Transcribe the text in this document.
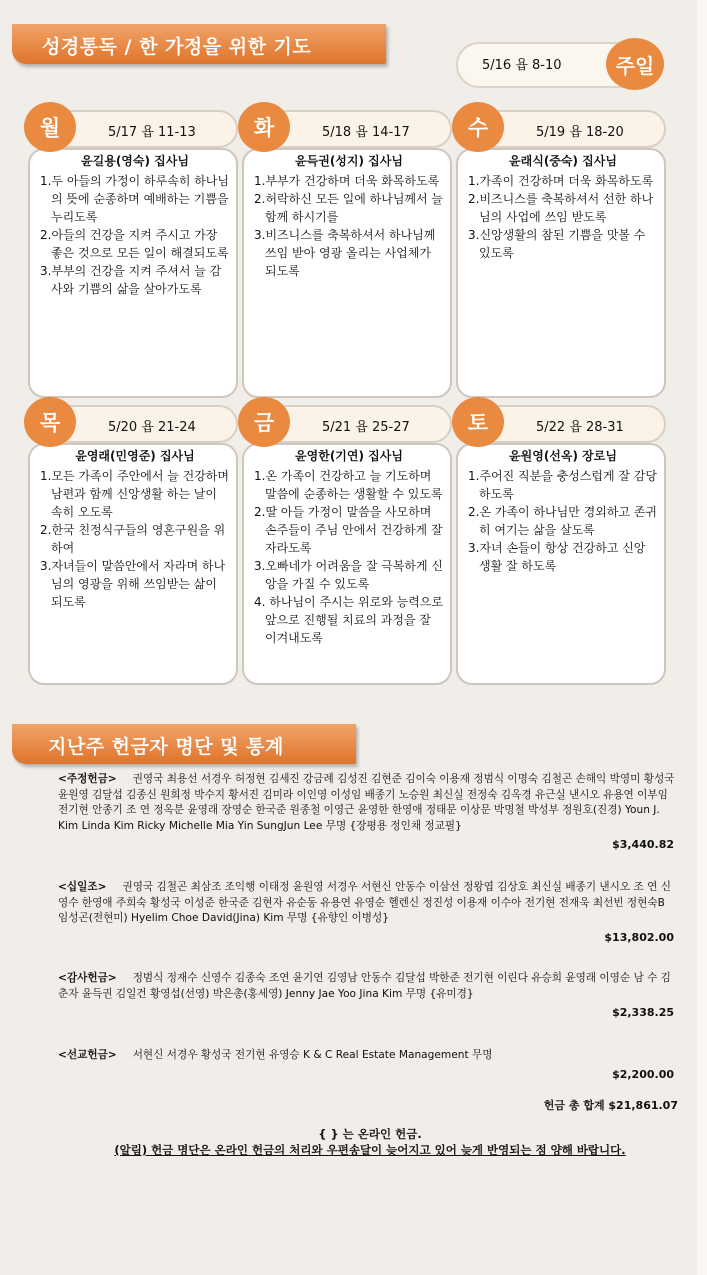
성경통독 / 한 가정을 위한 기도
5/16 욥 8-10	주일
윤길용(영숙) 집사님
1.두 아들의 가정이 하루속히 하나님의 뜻에 순종하며 예배하는 기쁨을 누리도록
2.아들의 건강을 지켜 주시고 가장 좋은 것으로 모든 일이 해결되도록
3.부부의 건강을 지켜 주셔서 늘 감사와 기쁨의 삶을 살아가도록
5/17 욥 11-13
월
윤득권(성지) 집사님
1.부부가 건강하며 더욱 화목하도록
2.허락하신 모든 일에 하나님께서 늘 함께 하시기를
3.비즈니스를 축복하셔서 하나님께 쓰임 받아 영광 올리는 사업체가 되도록
5/18 욥 14-17
화
윤래식(중숙) 집사님
1.가족이 건강하며 더욱 화목하도록
2.비즈니스를 축복하셔서 선한 하나님의 사업에 쓰임 받도록
3.신앙생활의 참된 기쁨을 맛볼 수 있도록
5/19 욥 18-20
수
윤영래(민영준) 집사님
1.모든 가족이 주안에서 늘 건강하며 남편과 함께 신앙생활 하는 날이 속히 오도록
2.한국 친정식구들의 영혼구원을 위하여
3.자녀들이 말씀안에서 자라며 하나님의 영광을 위해 쓰임받는 삶이 되도록
5/20 욥 21-24
목
윤영한(기연) 집사님
1.온 가족이 건강하고 늘 기도하며 말씀에 순종하는 생활할 수 있도록
2.딸 아들 가정이 말씀을 사모하며 손주들이 주님 안에서 건강하게 잘 자라도록
3.오빠네가 어려움을 잘 극복하게 신앙을 가질 수 있도록
4. 하나님이 주시는 위로와 능력으로 앞으로 진행될 치료의 과정을 잘 이겨내도록
5/21 욥 25-27
금
윤원영(선옥) 장로님
1.주어진 직분을 충성스럽게 잘 감당하도록
2.온 가족이 하나님만 경외하고 존귀히 여기는 삶을 살도록
3.자녀 손들이 항상 건강하고 신앙 생활 잘 하도록
5/22 욥 28-31
토
지난주 헌금자 명단 및 통계
<주정헌금> 권영국 최용선 서경우 허정현 김세진 강금례 김성진 김현준 김이숙 이용재 정범식 이명숙 김철곤 손해익 박영미 황성국 윤원영 김달섭 김종신 원희정 박수지 황서진 김미라 이인영 이성임 배종기 노승원 최신실 전정숙 김옥경 유근실 낸시오 유용연 이부임 전기현 안종기 조 연 정옥분 윤영래 장영순 한국준 원종철 이영근 윤영한 한영애 정태문 이상문 박명철 박성부 정원호(진경) Youn J. Kim Linda Kim Ricky Michelle Mia Yin SungJun Lee 무명 {장평용 정인채 정교필}
$3,440.82
<십일조> 권영국 김철곤 최삼조 조익행 이태정 윤원영 서경우 서현신 안동수 이삼선 정왕엽 김상호 최신실 배종기 낸시오 조 연 신영수 한영애 주희숙 황성국 이성준 한국준 김현자 유순동 유용연 유영순 헬렌신 정진성 이용재 이수아 전기현 전재욱 최선빈 정현숙B 임성곤(전현미) Hyelim Choe David(Jina) Kim 무명 {유향인 이병성}
$13,802.00
<감사헌금> 정범식 정재수 신영수 김종숙 조연 윤기연 김영남 안동수 김달섭 박한준 전기현 이린다 유승희 윤영래 이영순 남 수 김춘자 윤득권 김일건 황영섭(선영) 박은총(홍세영) Jenny Jae Yoo Jina Kim 무명 {유미경}
$2,338.25
<선교헌금> 서현신 서경우 황성국 전기현 유영승 K & C Real Estate Management 무명
$2,200.00
헌금 총 합계 $21,861.07
{ } 는 온라인 헌금.
(알림) 헌금 명단은 온라인 헌금의 처리와 우편송달이 늦어지고 있어 늦게 반영되는 점 양해 바랍니다.
